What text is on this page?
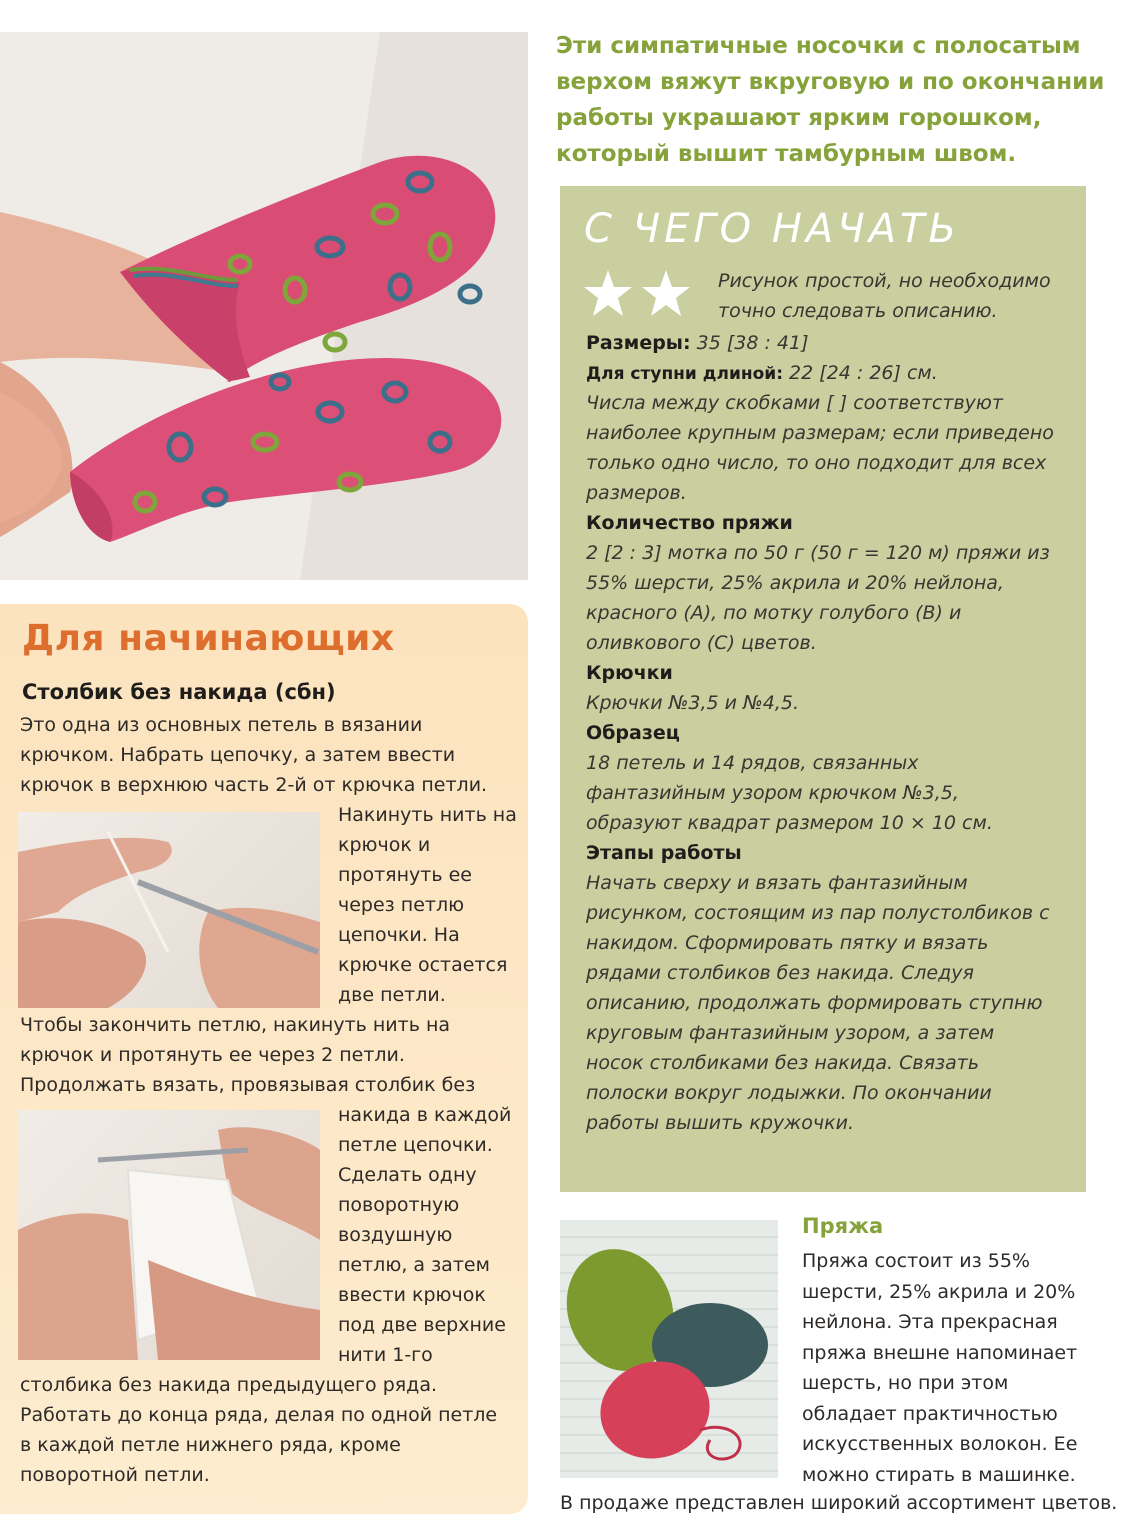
Эти симпатичные носочки с полосатым верхом вяжут вкруговую и по окончании работы украшают ярким горошком, который вышит тамбурным швом.
С ЧЕГО НАЧАТЬ
Рисунок простой, но необходимо точно следовать описанию.
Размеры: 35 [38 : 41]
Для ступни длиной: 22 [24 : 26] см.
Числа между скобками [ ] соответствуют наиболее крупным размерам; если приведено только одно число, то оно подходит для всех размеров.
Количество пряжи
2 [2 : 3] мотка по 50 г (50 г = 120 м) пряжи из 55% шерсти, 25% акрила и 20% нейлона, красного (А), по мотку голубого (В) и оливкового (С) цветов.
Крючки
Крючки №3,5 и №4,5.
Образец
18 петель и 14 рядов, связанных фантазийным узором крючком №3,5, образуют квадрат размером 10 × 10 см.
Этапы работы
Начать сверху и вязать фантазийным рисунком, состоящим из пар полустолбиков с накидом. Сформировать пятку и вязать рядами столбиков без накида. Следуя описанию, продолжать формировать ступню круговым фантазийным узором, а затем носок столбиками без накида. Связать полоски вокруг лодыжки. По окончании работы вышить кружочки.
Для начинающих
Столбик без накида (сбн)
Это одна из основных петель в вязании крючком. Набрать цепочку, а затем ввести крючок в верхнюю часть 2-й от крючка петли.
Накинуть нить на крючок и протянуть ее через петлю цепочки. На крючке остается две петли.
Чтобы закончить петлю, накинуть нить на крючок и протянуть ее через 2 петли. Продолжать вязать, провязывая столбик без
накида в каждой петле цепочки. Сделать одну поворотную воздушную петлю, а затем ввести крючок под две верхние нити 1-го
столбика без накида предыдущего ряда. Работать до конца ряда, делая по одной петле в каждой петле нижнего ряда, кроме поворотной петли.
Пряжа
Пряжа состоит из 55% шерсти, 25% акрила и 20% нейлона. Эта прекрасная пряжа внешне напоминает шерсть, но при этом обладает практичностью искусственных волокон. Ее можно стирать в машинке.
В продаже представлен широкий ассортимент цветов.
